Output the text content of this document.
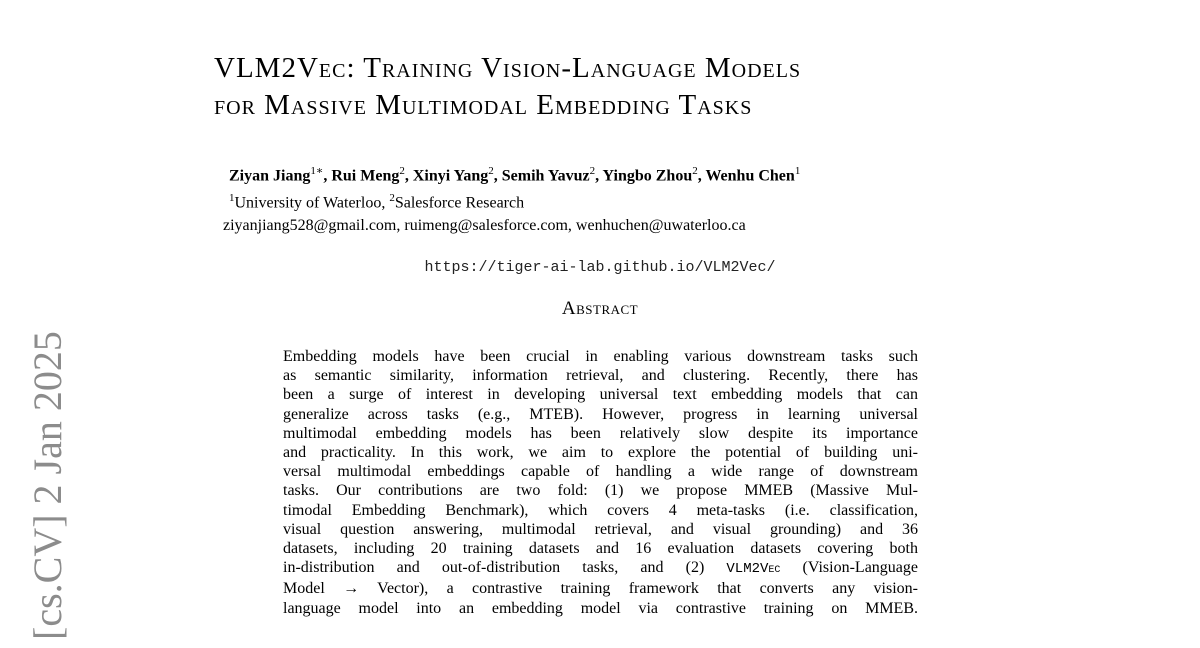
[cs.CV] 2 Jan 2025
VLM2Vec: Training Vision-Language Models
for Massive Multimodal Embedding Tasks
Ziyan Jiang$^{1∗}$, Rui Meng$^2$, Xinyi Yang$^2$, Semih Yavuz$^2$, Yingbo Zhou$^2$, Wenhu Chen$^1$
$^1$University of Waterloo, $^2$Salesforce Research
ziyanjiang528@gmail.com, ruimeng@salesforce.com, wenhuchen@uwaterloo.ca
https://tiger-ai-lab.github.io/VLM2Vec/
Abstract
Embedding models have been crucial in enabling various downstream tasks such
as semantic similarity, information retrieval, and clustering. Recently, there has
been a surge of interest in developing universal text embedding models that can
generalize across tasks (e.g., MTEB). However, progress in learning universal
multimodal embedding models has been relatively slow despite its importance
and practicality. In this work, we aim to explore the potential of building uni-
versal multimodal embeddings capable of handling a wide range of downstream
tasks. Our contributions are two fold: (1) we propose MMEB (Massive Mul-
timodal Embedding Benchmark), which covers 4 meta-tasks (i.e. classification,
visual question answering, multimodal retrieval, and visual grounding) and 36
datasets, including 20 training datasets and 16 evaluation datasets covering both
in-distribution and out-of-distribution tasks, and (2) VLM2Vec (Vision-Language
Model → Vector), a contrastive training framework that converts any vision-
language model into an embedding model via contrastive training on MMEB.
